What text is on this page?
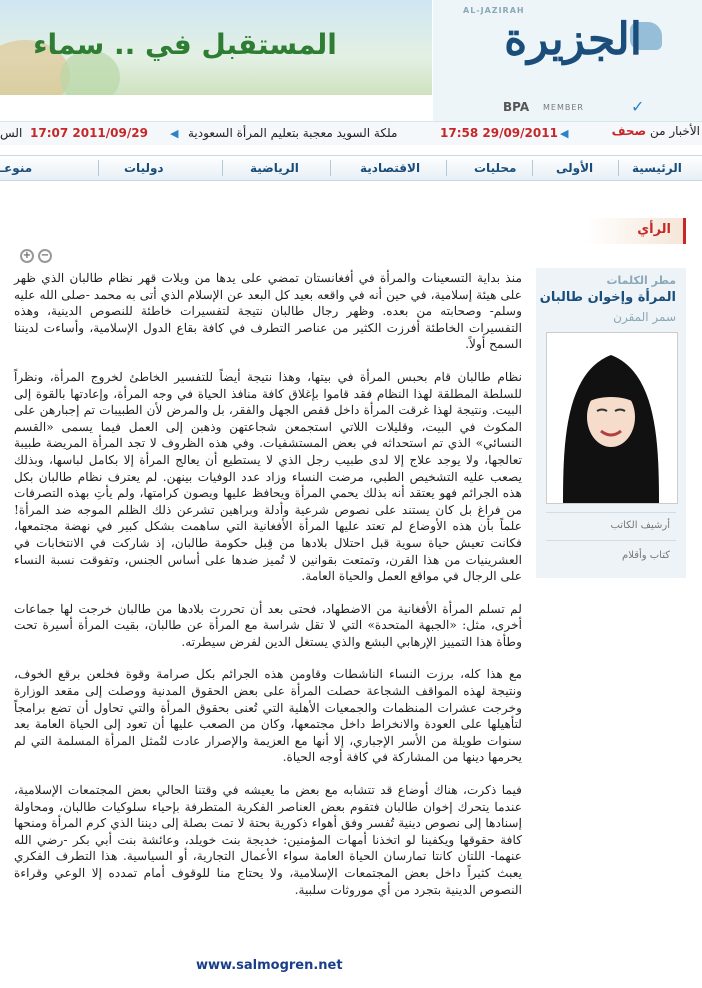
المستقبل في .. سماء
AL-JAZIRAH
الجزيرة
BPA MEMBER	✓
الأخبار من صحف
◀
17:58 29/09/2011
ملكة السويد معجبة بتعليم المرأة السعودية
◀
17:07 2011/09/29
الس
الرئيسية
الأولى
محليات
الاقتصادية
الرياضية
دوليات
منوعـ
الرأي
+ −
مطر الكلمات
المرأة وإخوان طالبان
سمر المقرن
أرشيف الكاتب
كتاب وأقلام

منذ بداية التسعينات والمرأة في أفغانستان تمضي على يدها من ويلات قهر نظام طالبان الذي ظهر على هيئة إسلامية، في حين أنه في واقعه بعيد كل البعد عن الإسلام الذي أتى به محمد -صلى الله عليه وسلم- وصحابته من بعده. وظهر رجال طالبان نتيجة لتفسيرات خاطئة للنصوص الدينية، وهذه التفسيرات الخاطئة أفرزت الكثير من عناصر التطرف في كافة بقاع الدول الإسلامية، وأساءت لديننا السمح أولاً.

نظام طالبان قام بحبس المرأة في بيتها، وهذا نتيجة أيضاً للتفسير الخاطئ لخروج المرأة، ونظراً للسلطة المطلقة لهذا النظام فقد قاموا بإغلاق كافة منافذ الحياة في وجه المرأة، وإعادتها بالقوة إلى البيت. ونتيجة لهذا غرقت المرأة داخل قفص الجهل والفقر، بل والمرض لأن الطبيبات تم إجبارهن على المكوث في البيت، وقليلات اللاتي استجمعن شجاعتهن وذهبن إلى العمل فيما يسمى «القسم النسائي» الذي تم استحداثه في بعض المستشفيات. وفي هذه الظروف لا تجد المرأة المريضة طبيبة تعالجها، ولا يوجد علاج إلا لدى طبيب رجل الذي لا يستطيع أن يعالج المرأة إلا بكامل لباسها، وبذلك يصعب عليه التشخيص الطبي، مرضت النساء وزاد عدد الوفيات بينهن. لم يعترف نظام طالبان بكل هذه الجرائم فهو يعتقد أنه بذلك يحمي المرأة ويحافظ عليها ويصون كرامتها، ولم يأتِ بهذه التصرفات من فراغ بل كان يستند على نصوص شرعية وأدلة وبراهين تشرعن ذلك الظلم الموجه ضد المرأة! علماً بأن هذه الأوضاع لم تعتد عليها المرأة الأفغانية التي ساهمت بشكل كبير في نهضة مجتمعها، فكانت تعيش حياة سوية قبل احتلال بلادها من قِبل حكومة طالبان، إذ شاركت في الانتخابات في العشرينيات من هذا القرن، وتمتعت بقوانين لا تُميز ضدها على أساس الجنس، وتفوقت نسبة النساء على الرجال في مواقع العمل والحياة العامة.

لم تسلم المرأة الأفغانية من الاضطهاد، فحتى بعد أن تحررت بلادها من طالبان خرجت لها جماعات أخرى، مثل: «الجبهة المتحدة» التي لا تقل شراسة مع المرأة عن طالبان، بقيت المرأة أسيرة تحت وطأة هذا التمييز الإرهابي البشع والذي يستغل الدين لفرض سيطرته.

مع هذا كله، برزت النساء الناشطات وقاومن هذه الجرائم بكل صرامة وقوة فخلعن برقع الخوف، ونتيجة لهذه المواقف الشجاعة حصلت المرأة على بعض الحقوق المدنية ووصلت إلى مقعد الوزارة وخرجت عشرات المنظمات والجمعيات الأهلية التي تُعنى بحقوق المرأة والتي تحاول أن تضع برامجاً لتأهيلها على العودة والانخراط داخل مجتمعها، وكان من الصعب عليها أن تعود إلى الحياة العامة بعد سنوات طويلة من الأسر الإجباري، إلا أنها مع العزيمة والإصرار عادت لتُمثل المرأة المسلمة التي لم يحرمها دينها من المشاركة في كافة أوجه الحياة.

فيما ذكرت، هناك أوضاع قد تتشابه مع بعض ما يعيشه في وقتنا الحالي بعض المجتمعات الإسلامية، عندما يتحرك إخوان طالبان فتقوم بعض العناصر الفكرية المتطرفة بإحياء سلوكيات طالبان، ومحاولة إسنادها إلى نصوص دينية تُفسر وفق أهواء ذكورية بحتة لا تمت بصلة إلى ديننا الذي كرم المرأة ومنحها كافة حقوقها ويكفينا لو اتخذنا أمهات المؤمنين: خديجة بنت خويلد، وعائشة بنت أبي بكر -رضي الله عنهما- اللتان كانتا تمارسان الحياة العامة سواء الأعمال التجارية، أو السياسية. هذا التطرف الفكري يعبث كثيراً داخل بعض المجتمعات الإسلامية، ولا يحتاج منا للوقوف أمام تمدده إلا الوعي وقراءة النصوص الدينية بتجرد من أي موروثات سلبية.

www.salmogren.net
